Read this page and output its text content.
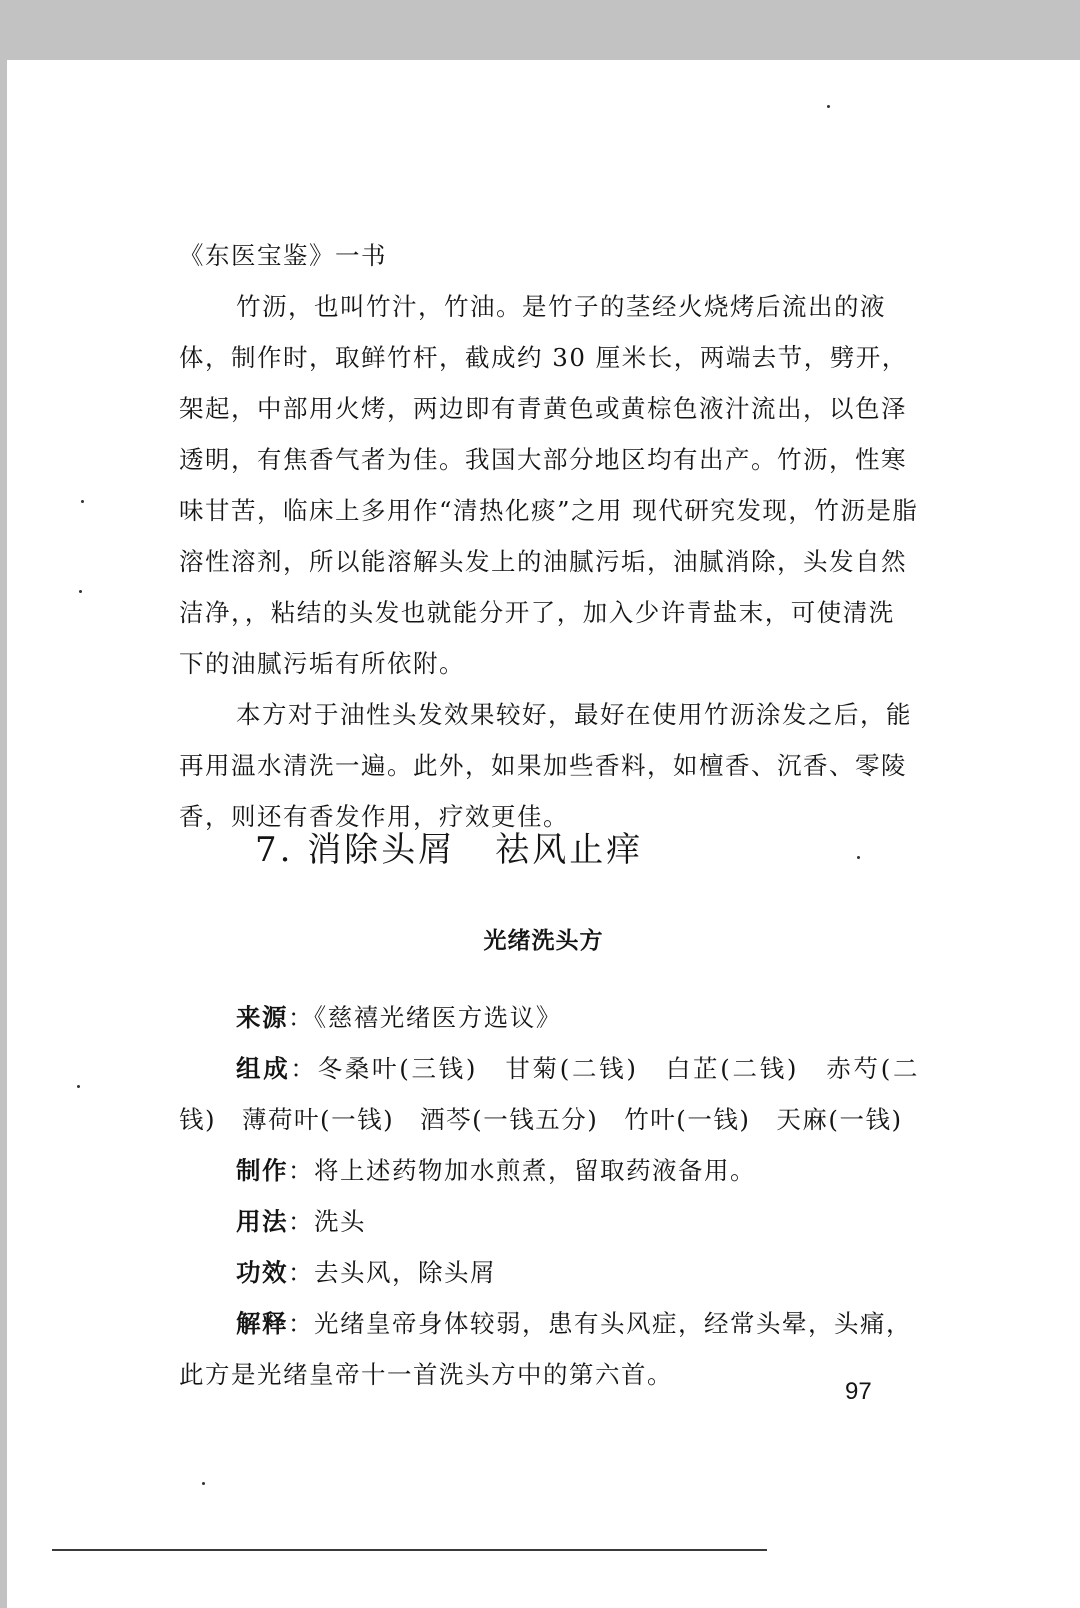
《东医宝鉴》一书

竹沥，也叫竹汁，竹油。是竹子的茎经火烧烤后流出的液体，制作时，取鲜竹杆，截成约 30 厘米长，两端去节，劈开，架起，中部用火烤，两边即有青黄色或黄棕色液汁流出，以色泽透明，有焦香气者为佳。我国大部分地区均有出产。竹沥，性寒味甘苦，临床上多用作“清热化痰”之用 现代研究发现，竹沥是脂溶性溶剂，所以能溶解头发上的油腻污垢，油腻消除，头发自然洁净，，粘结的头发也就能分开了，加入少许青盐末，可使清洗下的油腻污垢有所依附。

本方对于油性头发效果较好，最好在使用竹沥涂发之后，能再用温水清洗一遍。此外，如果加些香料，如檀香、沉香、零陵香，则还有香发作用，疗效更佳。

7. 消除头屑 祛风止痒
光绪洗头方

来源：《慈禧光绪医方选议》

组成：冬桑叶(三钱)　甘菊(二钱)　白芷(二钱)　赤芍(二钱)　薄荷叶(一钱)　酒芩(一钱五分)　竹叶(一钱)　天麻(一钱)

制作：将上述药物加水煎煮，留取药液备用。

用法：洗头

功效：去头风，除头屑

解释：光绪皇帝身体较弱，患有头风症，经常头晕，头痛，此方是光绪皇帝十一首洗头方中的第六首。

97
